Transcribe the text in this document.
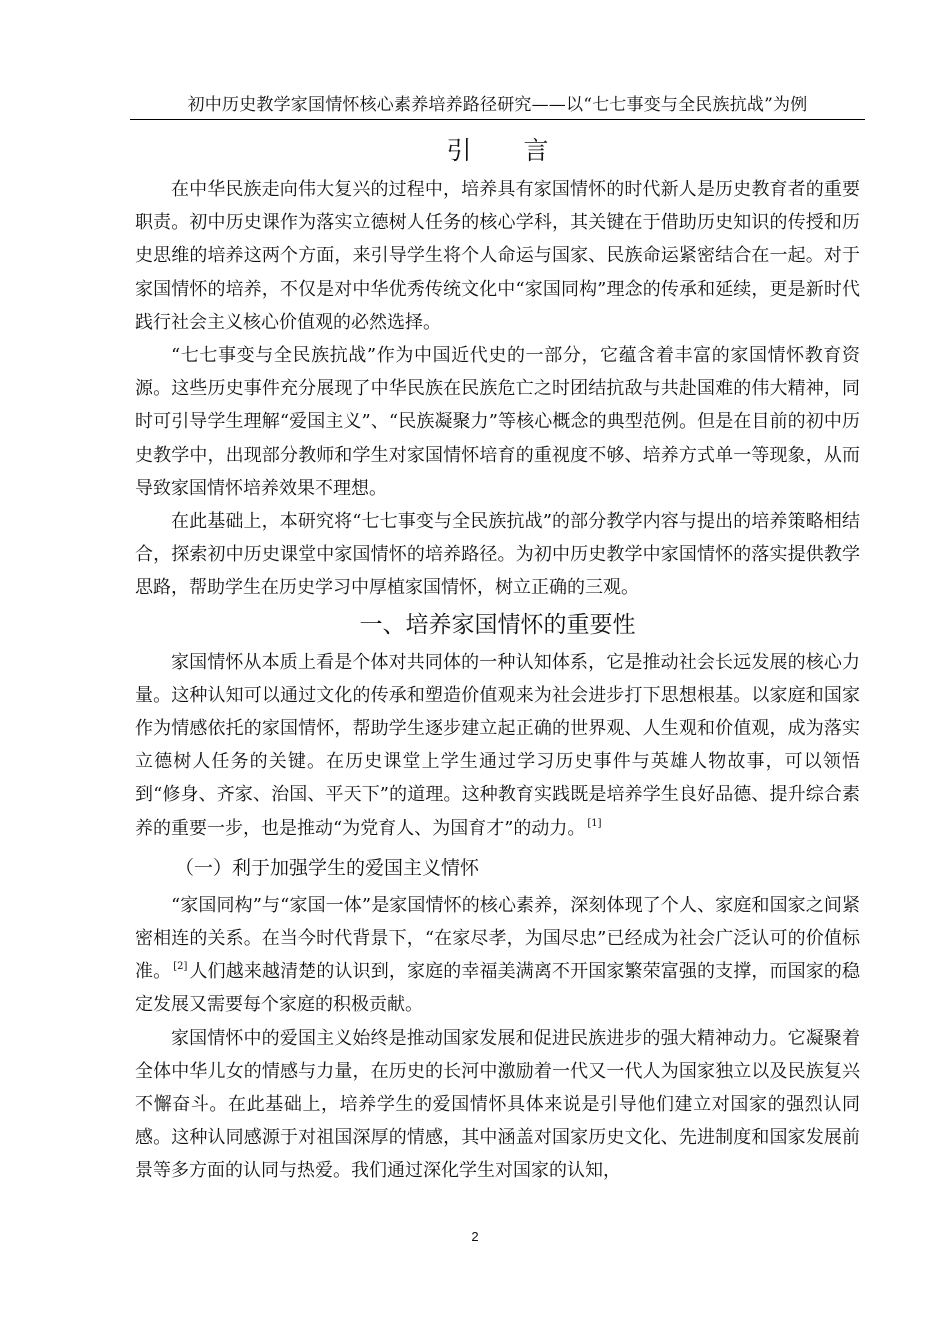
初中历史教学家国情怀核心素养培养路径研究——以“七七事变与全民族抗战”为例
引 言

在中华民族走向伟大复兴的过程中，培养具有家国情怀的时代新人是历史教育者的重要职责。初中历史课作为落实立德树人任务的核心学科，其关键在于借助历史知识的传授和历史思维的培养这两个方面，来引导学生将个人命运与国家、民族命运紧密结合在一起。对于家国情怀的培养，不仅是对中华优秀传统文化中“家国同构”理念的传承和延续，更是新时代践行社会主义核心价值观的必然选择。

“七七事变与全民族抗战”作为中国近代史的一部分，它蕴含着丰富的家国情怀教育资源。这些历史事件充分展现了中华民族在民族危亡之时团结抗敌与共赴国难的伟大精神，同时可引导学生理解“爱国主义”、“民族凝聚力”等核心概念的典型范例。但是在目前的初中历史教学中，出现部分教师和学生对家国情怀培育的重视度不够、培养方式单一等现象，从而导致家国情怀培养效果不理想。

在此基础上，本研究将“七七事变与全民族抗战”的部分教学内容与提出的培养策略相结合，探索初中历史课堂中家国情怀的培养路径。为初中历史教学中家国情怀的落实提供教学思路，帮助学生在历史学习中厚植家国情怀，树立正确的三观。

一、培养家国情怀的重要性

家国情怀从本质上看是个体对共同体的一种认知体系，它是推动社会长远发展的核心力量。这种认知可以通过文化的传承和塑造价值观来为社会进步打下思想根基。以家庭和国家作为情感依托的家国情怀，帮助学生逐步建立起正确的世界观、人生观和价值观，成为落实立德树人任务的关键。在历史课堂上学生通过学习历史事件与英雄人物故事，可以领悟到“修身、齐家、治国、平天下”的道理。这种教育实践既是培养学生良好品德、提升综合素养的重要一步，也是推动“为党育人、为国育才”的动力。 [1]

（一）利于加强学生的爱国主义情怀

“家国同构”与“家国一体”是家国情怀的核心素养，深刻体现了个人、家庭和国家之间紧密相连的关系。在当今时代背景下，“在家尽孝，为国尽忠”已经成为社会广泛认可的价值标准。 [2] 人们越来越清楚的认识到，家庭的幸福美满离不开国家繁荣富强的支撑，而国家的稳定发展又需要每个家庭的积极贡献。

家国情怀中的爱国主义始终是推动国家发展和促进民族进步的强大精神动力。它凝聚着全体中华儿女的情感与力量，在历史的长河中激励着一代又一代人为国家独立以及民族复兴不懈奋斗。在此基础上，培养学生的爱国情怀具体来说是引导他们建立对国家的强烈认同感。这种认同感源于对祖国深厚的情感，其中涵盖对国家历史文化、先进制度和国家发展前景等多方面的认同与热爱。我们通过深化学生对国家的认知，

2
